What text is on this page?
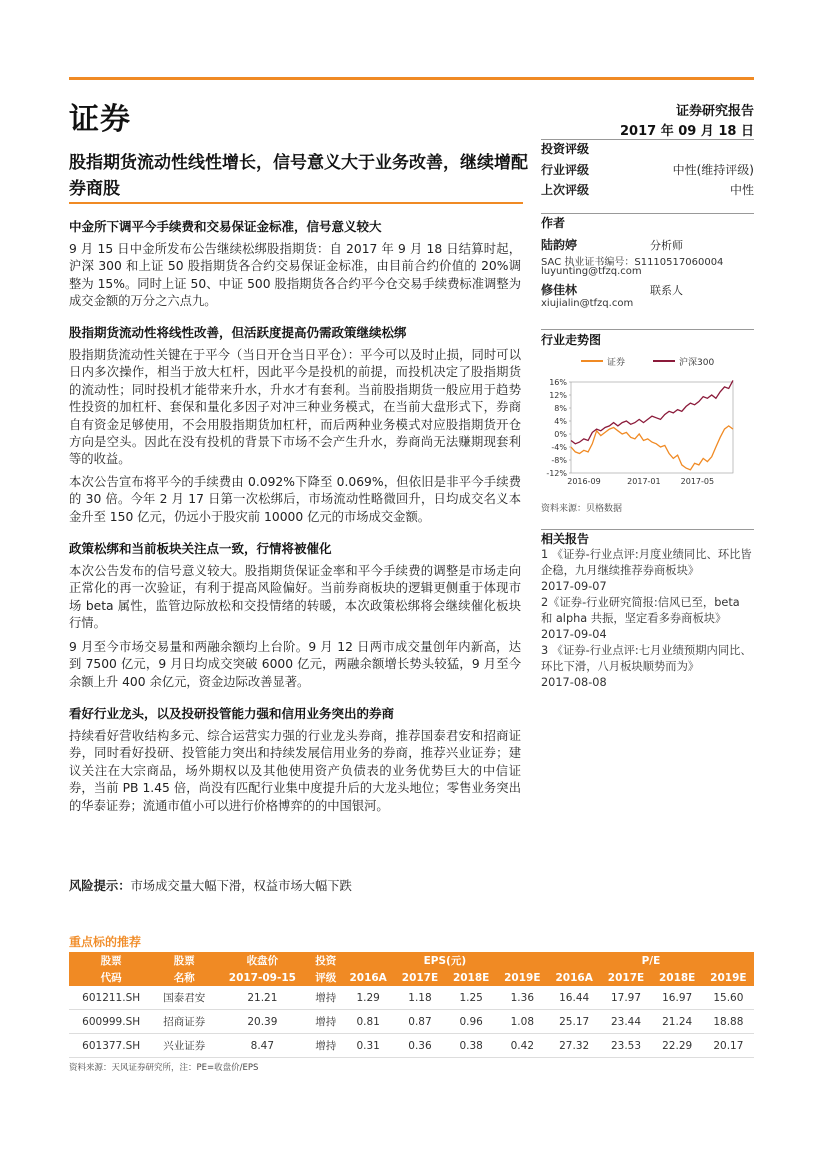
证券	证券研究报告
2017 年 09 月 18 日
股指期货流动性线性增长，信号意义大于业务改善，继续增配券商股
中金所下调平今手续费和交易保证金标准，信号意义较大
9 月 15 日中金所发布公告继续松绑股指期货：自 2017 年 9 月 18 日结算时起，沪深 300 和上证 50 股指期货各合约交易保证金标准，由目前合约价值的 20%调整为 15%。同时上证 50、中证 500 股指期货各合约平今仓交易手续费标准调整为成交金额的万分之六点九。
股指期货流动性将线性改善，但活跃度提高仍需政策继续松绑
股指期货流动性关键在于平今（当日开仓当日平仓）：平今可以及时止损，同时可以日内多次操作，相当于放大杠杆，因此平今是投机的前提，而投机决定了股指期货的流动性；同时投机才能带来升水，升水才有套利。当前股指期货一般应用于趋势性投资的加杠杆、套保和量化多因子对冲三种业务模式，在当前大盘形式下，券商自有资金足够使用，不会用股指期货加杠杆，而后两种业务模式对应股指期货开仓方向是空头。因此在没有投机的背景下市场不会产生升水，券商尚无法赚期现套利等的收益。
本次公告宣布将平今的手续费由 0.092%下降至 0.069%，但依旧是非平今手续费的 30 倍。今年 2 月 17 日第一次松绑后，市场流动性略微回升，日均成交名义本金升至 150 亿元，仍远小于股灾前 10000 亿元的市场成交金额。
政策松绑和当前板块关注点一致，行情将被催化
本次公告发布的信号意义较大。股指期货保证金率和平今手续费的调整是市场走向正常化的再一次验证，有利于提高风险偏好。当前券商板块的逻辑更侧重于体现市场 beta 属性，监管边际放松和交投情绪的转暖，本次政策松绑将会继续催化板块行情。
9 月至今市场交易量和两融余额均上台阶。9 月 12 日两市成交量创年内新高，达到 7500 亿元，9 月日均成交突破 6000 亿元，两融余额增长势头较猛，9 月至今余额上升 400 余亿元，资金边际改善显著。
看好行业龙头，以及投研投管能力强和信用业务突出的券商
持续看好营收结构多元、综合运营实力强的行业龙头券商，推荐国泰君安和招商证券，同时看好投研、投管能力突出和持续发展信用业务的券商，推荐兴业证券；建议关注在大宗商品，场外期权以及其他使用资产负债表的业务优势巨大的中信证券，当前 PB 1.45 倍，尚没有匹配行业集中度提升后的大龙头地位；零售业务突出的华泰证券；流通市值小可以进行价格博弈的的中国银河。
风险提示：市场成交量大幅下滑，权益市场大幅下跌
投资评级
行业评级	中性(维持评级)
上次评级	中性
作者
陆韵婷	分析师
SAC 执业证书编号：S1110517060004
luyunting@tfzq.com
修佳林	联系人
xiujialin@tfzq.com
行业走势图
证券	沪深300
16%
12%
8%
4%
0%
-4%
-8%
-12%
2016-09	2017-01	2017-05
资料来源：贝格数据
相关报告
1 《证券-行业点评:月度业绩同比、环比皆企稳，九月继续推荐券商板块》
2017-09-07
2《证券-行业研究简报:信风已至，beta 和 alpha 共振，坚定看多券商板块》
2017-09-04
3 《证券-行业点评:七月业绩预期内同比、环比下滑，八月板块顺势而为》
2017-08-08
重点标的推荐
股票	股票	收盘价	投资	EPS(元)				P/E			
代码	名称	2017-09-15	评级	2016A	2017E	2018E	2019E	2016A	2017E	2018E	2019E
601211.SH	国泰君安	21.21	增持	1.29	1.18	1.25	1.36	16.44	17.97	16.97	15.60
600999.SH	招商证券	20.39	增持	0.81	0.87	0.96	1.08	25.17	23.44	21.24	18.88
601377.SH	兴业证券	8.47	增持	0.31	0.36	0.38	0.42	27.32	23.53	22.29	20.17
资料来源：天风证券研究所，注：PE=收盘价/EPS
